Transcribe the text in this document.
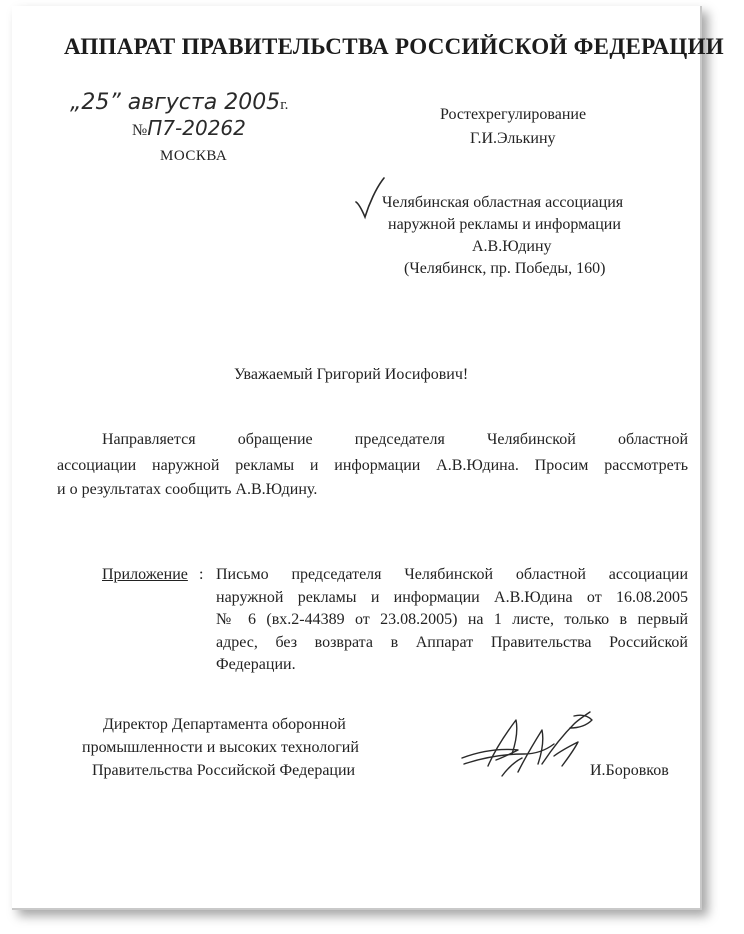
АППАРАТ ПРАВИТЕЛЬСТВА РОССИЙСКОЙ ФЕДЕРАЦИИ
„25” августа 2005г.
№П7-20262
МОСКВА
Ростехрегулирование
Г.И.Элькину
Челябинская областная ассоциация
наружной рекламы и информации
А.В.Юдину
(Челябинск, пр. Победы, 160)
Уважаемый Григорий Иосифович!
Направляется обращение председателя Челябинской областной
ассоциации наружной рекламы и информации А.В.Юдина. Просим рассмотреть
и о результатах сообщить А.В.Юдину.
Приложение : Письмо председателя Челябинской областной ассоциации
наружной рекламы и информации А.В.Юдина от 16.08.2005
№ 6 (вх.2-44389 от 23.08.2005) на 1 листе, только в первый
адрес, без возврата в Аппарат Правительства Российской
Федерации.
Директор Департамента оборонной
промышленности и высоких технологий
Правительства Российской Федерации	И.Боровков
